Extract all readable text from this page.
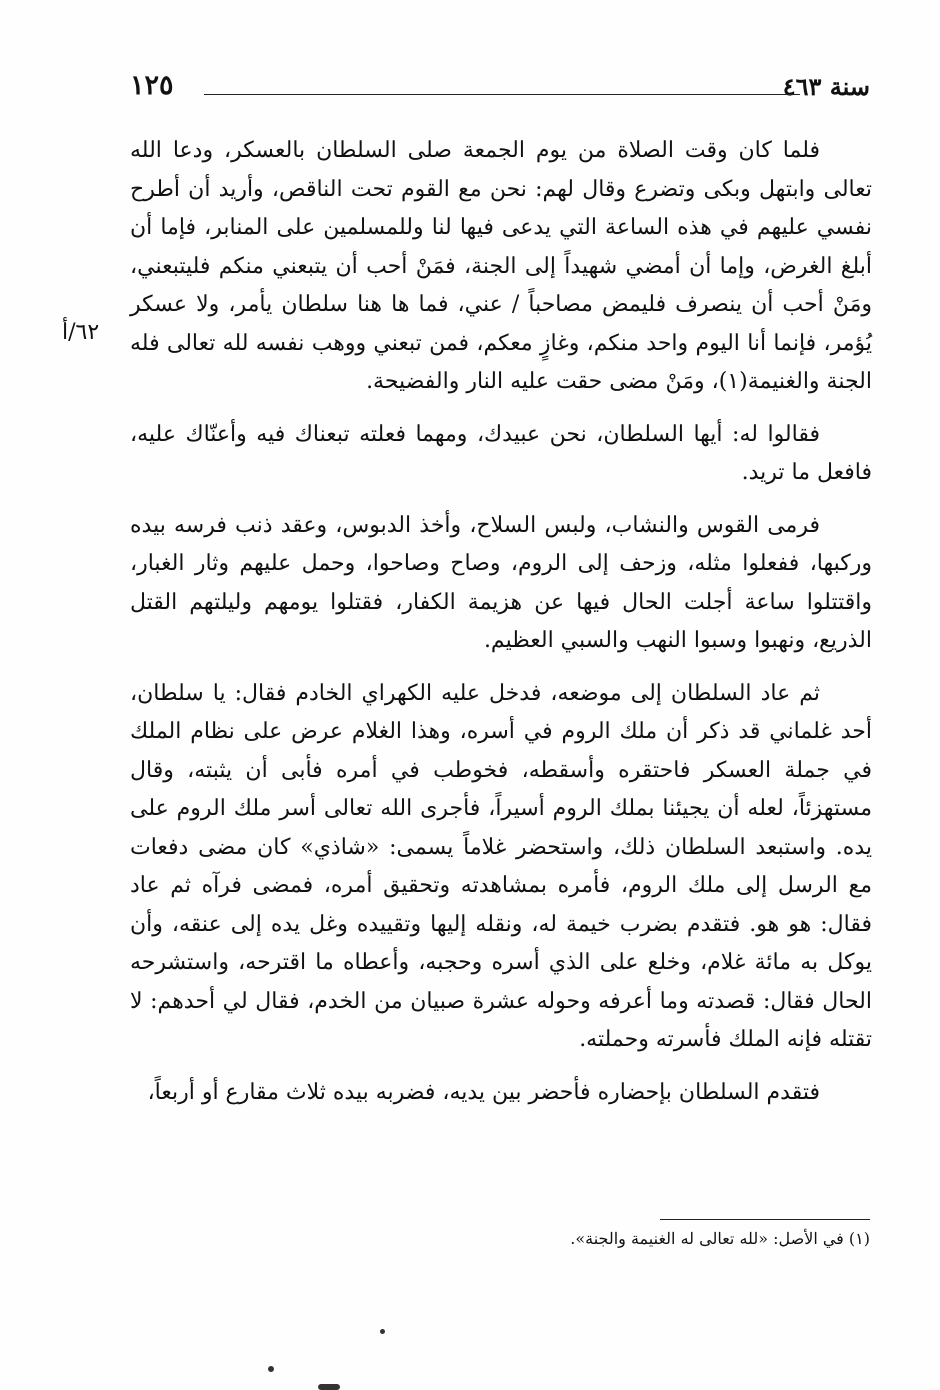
سنة ٤٦٣
١٢٥
٦٢/أ

فلما كان وقت الصلاة من يوم الجمعة صلى السلطان بالعسكر، ودعا الله تعالى وابتهل وبكى وتضرع وقال لهم: نحن مع القوم تحت الناقص، وأريد أن أطرح نفسي عليهم في هذه الساعة التي يدعى فيها لنا وللمسلمين على المنابر، فإما أن أبلغ الغرض، وإما أن أمضي شهيداً إلى الجنة، فمَنْ أحب أن يتبعني منكم فليتبعني، ومَنْ أحب أن ينصرف فليمض مصاحباً / عني، فما ها هنا سلطان يأمر، ولا عسكر يُؤمر، فإنما أنا اليوم واحد منكم، وغازٍ معكم، فمن تبعني ووهب نفسه لله تعالى فله الجنة والغنيمة(١)، ومَنْ مضى حقت عليه النار والفضيحة.

فقالوا له: أيها السلطان، نحن عبيدك، ومهما فعلته تبعناك فيه وأعنّاك عليه، فافعل ما تريد.

فرمى القوس والنشاب، ولبس السلاح، وأخذ الدبوس، وعقد ذنب فرسه بيده وركبها، ففعلوا مثله، وزحف إلى الروم، وصاح وصاحوا، وحمل عليهم وثار الغبار، واقتتلوا ساعة أجلت الحال فيها عن هزيمة الكفار، فقتلوا يومهم وليلتهم القتل الذريع، ونهبوا وسبوا النهب والسبي العظيم.

ثم عاد السلطان إلى موضعه، فدخل عليه الكهراي الخادم فقال: يا سلطان، أحد غلماني قد ذكر أن ملك الروم في أسره، وهذا الغلام عرض على نظام الملك في جملة العسكر فاحتقره وأسقطه، فخوطب في أمره فأبى أن يثبته، وقال مستهزئاً، لعله أن يجيئنا بملك الروم أسيراً، فأجرى الله تعالى أسر ملك الروم على يده. واستبعد السلطان ذلك، واستحضر غلاماً يسمى: «شاذي» كان مضى دفعات مع الرسل إلى ملك الروم، فأمره بمشاهدته وتحقيق أمره، فمضى فرآه ثم عاد فقال: هو هو. فتقدم بضرب خيمة له، ونقله إليها وتقييده وغل يده إلى عنقه، وأن يوكل به مائة غلام، وخلع على الذي أسره وحجبه، وأعطاه ما اقترحه، واستشرحه الحال فقال: قصدته وما أعرفه وحوله عشرة صبيان من الخدم، فقال لي أحدهم: لا تقتله فإنه الملك فأسرته وحملته.

فتقدم السلطان بإحضاره فأحضر بين يديه، فضربه بيده ثلاث مقارع أو أربعاً،

(١) في الأصل: «لله تعالى له الغنيمة والجنة».
